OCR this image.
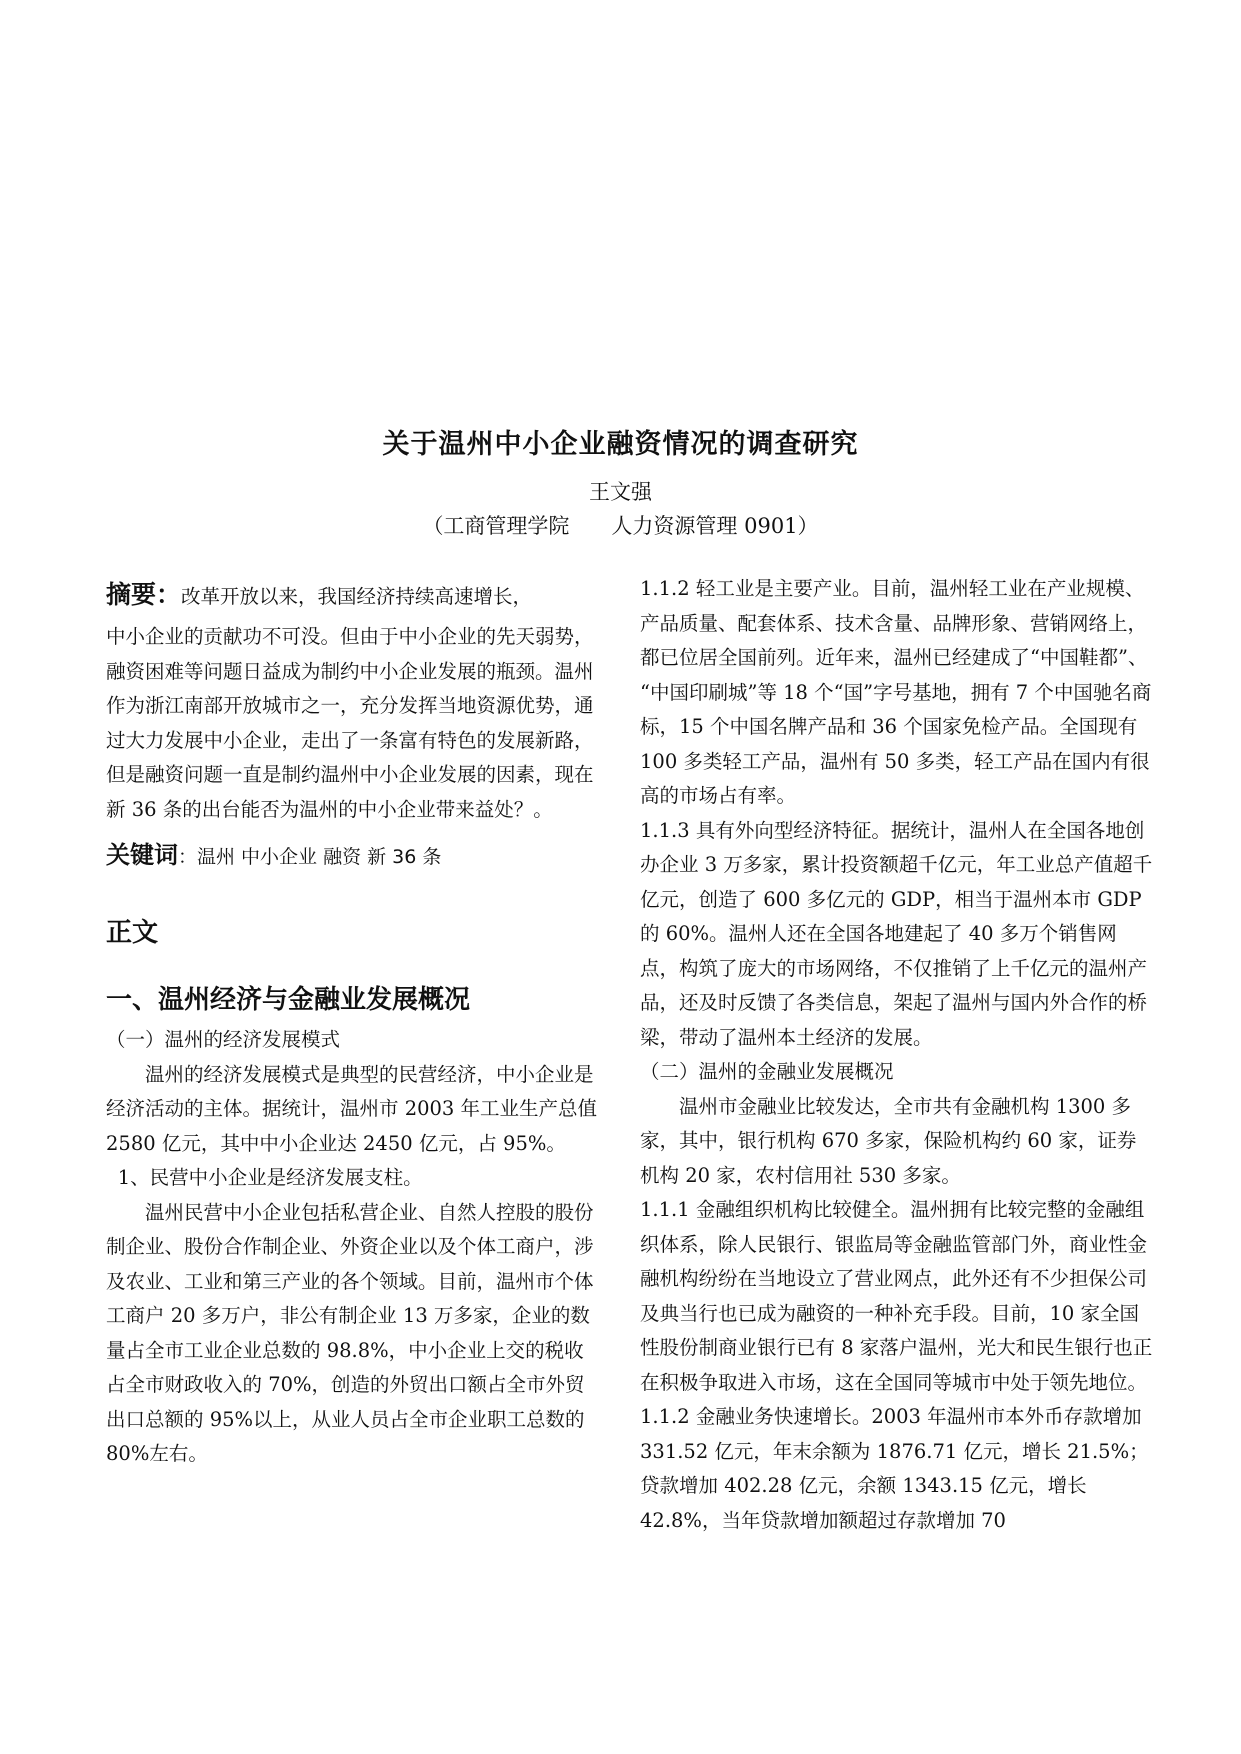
关于温州中小企业融资情况的调查研究
王文强
（工商管理学院　　人力资源管理 0901）

摘要：改革开放以来，我国经济持续高速增长，

中小企业的贡献功不可没。但由于中小企业的先天弱势，融资困难等问题日益成为制约中小企业发展的瓶颈。温州作为浙江南部开放城市之一，充分发挥当地资源优势，通过大力发展中小企业，走出了一条富有特色的发展新路，但是融资问题一直是制约温州中小企业发展的因素，现在新 36 条的出台能否为温州的中小企业带来益处？。

关键词：温州 中小企业 融资 新 36 条

正文

一、温州经济与金融业发展概况

（一）温州的经济发展模式

温州的经济发展模式是典型的民营经济，中小企业是经济活动的主体。据统计，温州市 2003 年工业生产总值 2580 亿元，其中中小企业达 2450 亿元，占 95%。

1、民营中小企业是经济发展支柱。

温州民营中小企业包括私营企业、自然人控股的股份制企业、股份合作制企业、外资企业以及个体工商户，涉及农业、工业和第三产业的各个领域。目前，温州市个体工商户 20 多万户，非公有制企业 13 万多家，企业的数量占全市工业企业总数的 98.8%，中小企业上交的税收占全市财政收入的 70%，创造的外贸出口额占全市外贸出口总额的 95%以上，从业人员占全市企业职工总数的 80%左右。

1.1.2 轻工业是主要产业。目前，温州轻工业在产业规模、产品质量、配套体系、技术含量、品牌形象、营销网络上，都已位居全国前列。近年来，温州已经建成了“中国鞋都”、 “中国印刷城”等 18 个“国”字号基地，拥有 7 个中国驰名商标，15 个中国名牌产品和 36 个国家免检产品。全国现有 100 多类轻工产品，温州有 50 多类，轻工产品在国内有很高的市场占有率。

1.1.3 具有外向型经济特征。据统计，温州人在全国各地创办企业 3 万多家，累计投资额超千亿元，年工业总产值超千亿元，创造了 600 多亿元的 GDP，相当于温州本市 GDP 的 60%。温州人还在全国各地建起了 40 多万个销售网点，构筑了庞大的市场网络，不仅推销了上千亿元的温州产品，还及时反馈了各类信息，架起了温州与国内外合作的桥梁，带动了温州本土经济的发展。

（二）温州的金融业发展概况

温州市金融业比较发达，全市共有金融机构 1300 多家，其中，银行机构 670 多家，保险机构约 60 家，证券机构 20 家，农村信用社 530 多家。

1.1.1 金融组织机构比较健全。温州拥有比较完整的金融组织体系，除人民银行、银监局等金融监管部门外，商业性金融机构纷纷在当地设立了营业网点，此外还有不少担保公司及典当行也已成为融资的一种补充手段。目前，10 家全国性股份制商业银行已有 8 家落户温州，光大和民生银行也正在积极争取进入市场，这在全国同等城市中处于领先地位。

1.1.2 金融业务快速增长。2003 年温州市本外币存款增加 331.52 亿元，年末余额为 1876.71 亿元，增长 21.5%；贷款增加 402.28 亿元，余额 1343.15 亿元，增长 42.8%，当年贷款增加额超过存款增加 70
